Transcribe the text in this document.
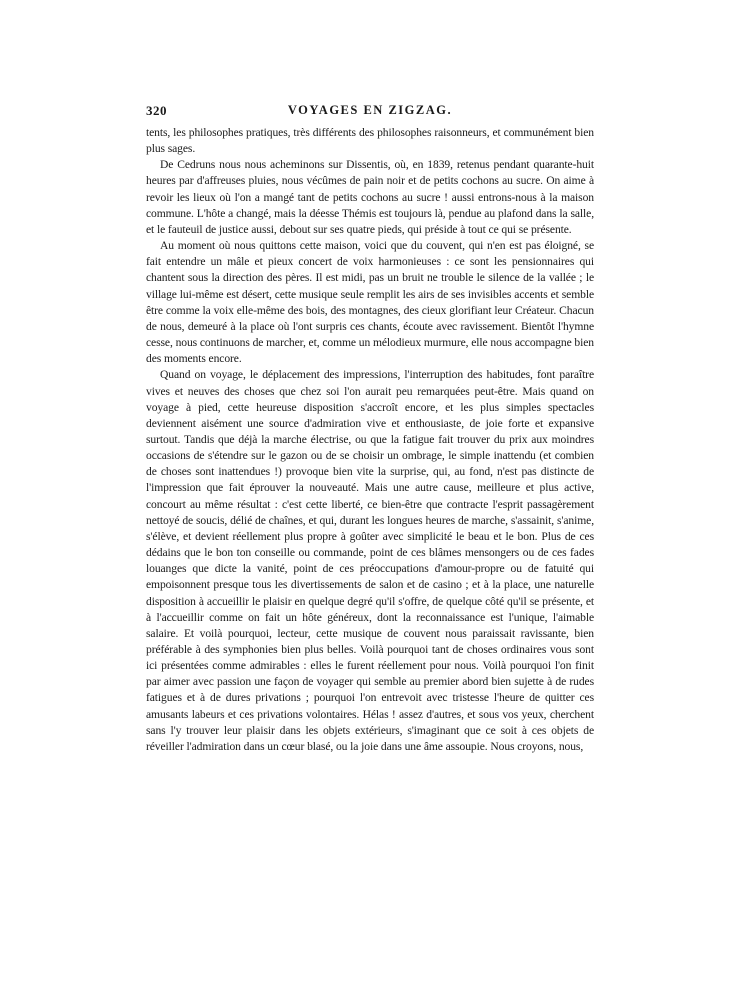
320	VOYAGES EN ZIGZAG.

tents, les philosophes pratiques, très différents des philosophes raisonneurs, et communément bien plus sages.

De Cedruns nous nous acheminons sur Dissentis, où, en 1839, retenus pendant quarante-huit heures par d'affreuses pluies, nous vécûmes de pain noir et de petits cochons au sucre. On aime à revoir les lieux où l'on a mangé tant de petits cochons au sucre ! aussi entrons-nous à la maison commune. L'hôte a changé, mais la déesse Thémis est toujours là, pendue au plafond dans la salle, et le fauteuil de justice aussi, debout sur ses quatre pieds, qui préside à tout ce qui se présente.

Au moment où nous quittons cette maison, voici que du couvent, qui n'en est pas éloigné, se fait entendre un mâle et pieux concert de voix harmonieuses : ce sont les pensionnaires qui chantent sous la direction des pères. Il est midi, pas un bruit ne trouble le silence de la vallée ; le village lui-même est désert, cette musique seule remplit les airs de ses invisibles accents et semble être comme la voix elle-même des bois, des montagnes, des cieux glorifiant leur Créateur. Chacun de nous, demeuré à la place où l'ont surpris ces chants, écoute avec ravissement. Bientôt l'hymne cesse, nous continuons de marcher, et, comme un mélodieux murmure, elle nous accompagne bien des moments encore.

Quand on voyage, le déplacement des impressions, l'interruption des habitudes, font paraître vives et neuves des choses que chez soi l'on aurait peu remarquées peut-être. Mais quand on voyage à pied, cette heureuse disposition s'accroît encore, et les plus simples spectacles deviennent aisément une source d'admiration vive et enthousiaste, de joie forte et expansive surtout. Tandis que déjà la marche électrise, ou que la fatigue fait trouver du prix aux moindres occasions de s'étendre sur le gazon ou de se choisir un ombrage, le simple inattendu (et combien de choses sont inattendues !) provoque bien vite la surprise, qui, au fond, n'est pas distincte de l'impression que fait éprouver la nouveauté. Mais une autre cause, meilleure et plus active, concourt au même résultat : c'est cette liberté, ce bien-être que contracte l'esprit passagèrement nettoyé de soucis, délié de chaînes, et qui, durant les longues heures de marche, s'assainit, s'anime, s'élève, et devient réellement plus propre à goûter avec simplicité le beau et le bon. Plus de ces dédains que le bon ton conseille ou commande, point de ces blâmes mensongers ou de ces fades louanges que dicte la vanité, point de ces préoccupations d'amour-propre ou de fatuité qui empoisonnent presque tous les divertissements de salon et de casino ; et à la place, une naturelle disposition à accueillir le plaisir en quelque degré qu'il s'offre, de quelque côté qu'il se présente, et à l'accueillir comme on fait un hôte généreux, dont la reconnaissance est l'unique, l'aimable salaire. Et voilà pourquoi, lecteur, cette musique de couvent nous paraissait ravissante, bien préférable à des symphonies bien plus belles. Voilà pourquoi tant de choses ordinaires vous sont ici présentées comme admirables : elles le furent réellement pour nous. Voilà pourquoi l'on finit par aimer avec passion une façon de voyager qui semble au premier abord bien sujette à de rudes fatigues et à de dures privations ; pourquoi l'on entrevoit avec tristesse l'heure de quitter ces amusants labeurs et ces privations volontaires. Hélas ! assez d'autres, et sous vos yeux, cherchent sans l'y trouver leur plaisir dans les objets extérieurs, s'imaginant que ce soit à ces objets de réveiller l'admiration dans un cœur blasé, ou la joie dans une âme assoupie. Nous croyons, nous,
